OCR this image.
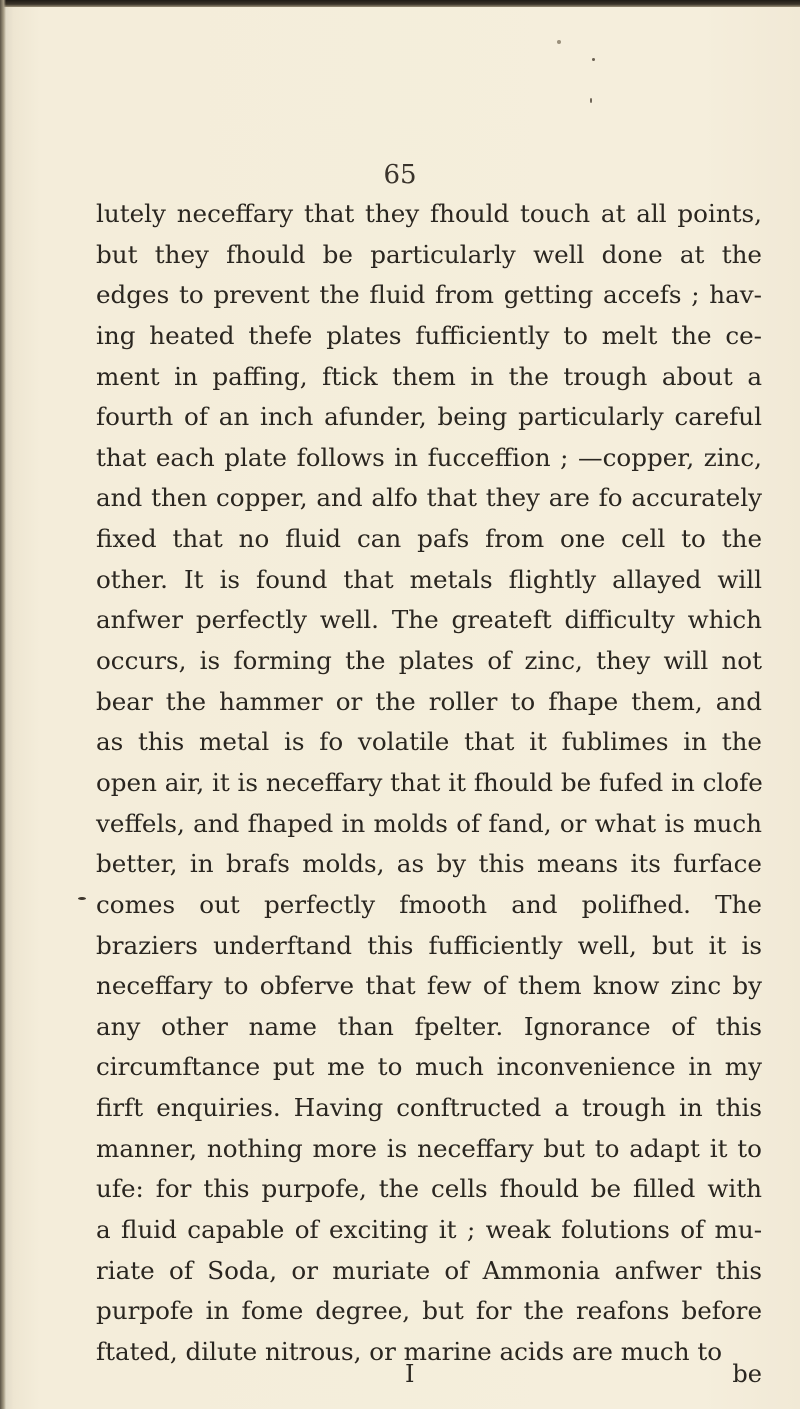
65
lutely neceffary that they fhould touch at all points,
but they fhould be particularly well done at the
edges to prevent the fluid from getting accefs ; hav-
ing heated thefe plates fufficiently to melt the ce-
ment in paffing, ftick them in the trough about a
fourth of an inch afunder, being particularly careful
that each plate follows in fucceffion ; —copper, zinc,
and then copper, and alfo that they are fo accurately
fixed that no fluid can pafs from one cell to the
other. It is found that metals flightly allayed will
anfwer perfectly well. The greateft difficulty which
occurs, is forming the plates of zinc, they will not
bear the hammer or the roller to fhape them, and
as this metal is fo volatile that it fublimes in the
open air, it is neceffary that it fhould be fufed in clofe
veffels, and fhaped in molds of fand, or what is much
better, in brafs molds, as by this means its furface
comes out perfectly fmooth and polifhed. The
braziers underftand this fufficiently well, but it is
neceffary to obferve that few of them know zinc by
any other name than fpelter. Ignorance of this
circumftance put me to much inconvenience in my
firft enquiries. Having conftructed a trough in this
manner, nothing more is neceffary but to adapt it to
ufe: for this purpofe, the cells fhould be filled with
a fluid capable of exciting it ; weak folutions of mu-
riate of Soda, or muriate of Ammonia anfwer this
purpofe in fome degree, but for the reafons before
ftated, dilute nitrous, or marine acids are much to
I	be
